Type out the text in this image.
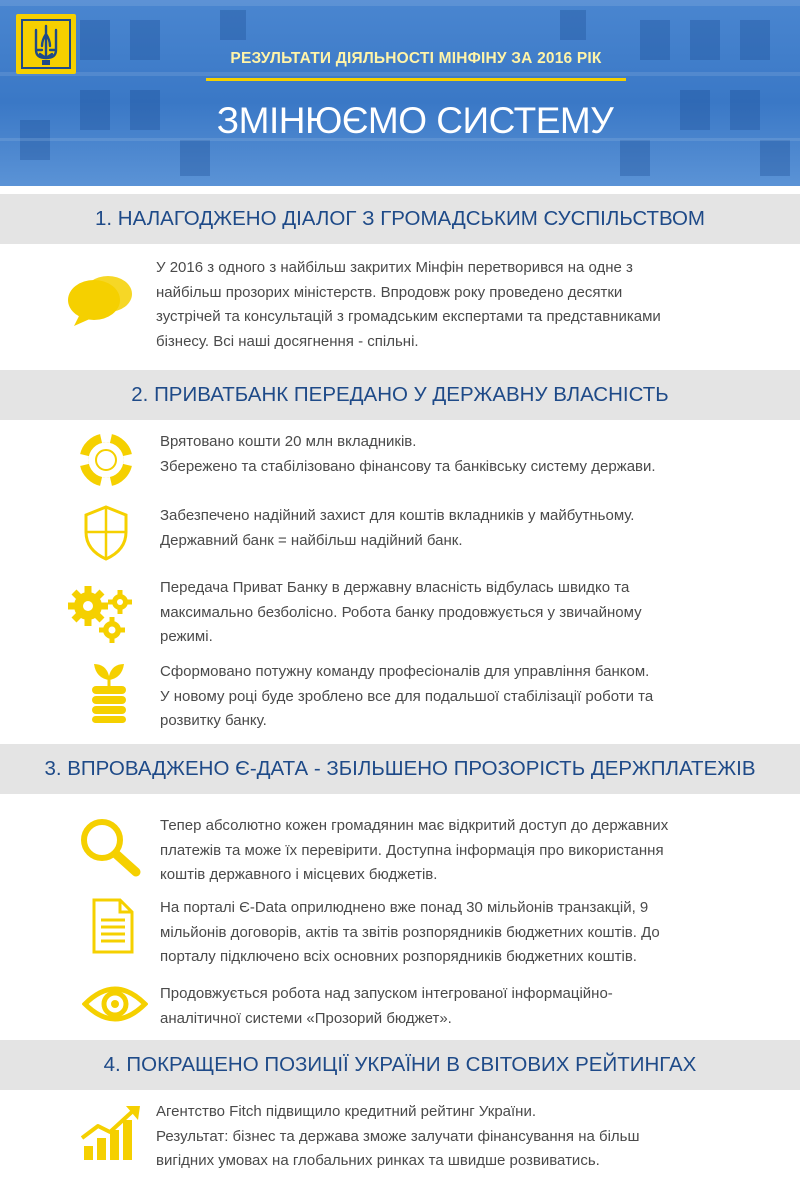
РЕЗУЛЬТАТИ ДІЯЛЬНОСТІ МІНФІНУ ЗА 2016 РІК
ЗМІНЮЄМО СИСТЕМУ
1. НАЛАГОДЖЕНО ДІАЛОГ З ГРОМАДСЬКИМ СУСПІЛЬСТВОМ

У 2016 з одного з найбільш закритих Мінфін перетворився на одне з

найбільш прозорих міністерств. Впродовж року проведено десятки

зустрічей та консультацій з громадським експертами та представниками

бізнесу. Всі наші досягнення - спільні.

2. ПРИВАТБАНК ПЕРЕДАНО У ДЕРЖАВНУ ВЛАСНІСТЬ

Врятовано кошти 20 млн вкладників.

Збережено та стабілізовано фінансову та банківську систему держави.

Забезпечено надійний захист для коштів вкладників у майбутньому.

Державний банк = найбільш надійний банк.

Передача Приват Банку в державну власність відбулась швидко та

максимально безболісно. Робота банку продовжується у звичайному

режимі.

Сформовано потужну команду професіоналів для управління банком.

У новому році буде зроблено все для подальшої стабілізації роботи та

розвитку банку.

3. ВПРОВАДЖЕНО Є-ДАТА - ЗБІЛЬШЕНО ПРОЗОРІСТЬ ДЕРЖПЛАТЕЖІВ

Тепер абсолютно кожен громадянин має відкритий доступ до державних

платежів та може їх перевірити. Доступна інформація про використання

коштів державного і місцевих бюджетів.

На порталі Є-Data оприлюднено вже понад 30 мільйонів транзакцій, 9

мільйонів договорів, актів та звітів розпорядників бюджетних коштів. До

порталу підключено всіх основних розпорядників бюджетних коштів.

Продовжується робота над запуском інтегрованої інформаційно-

аналітичної системи «Прозорий бюджет».

4. ПОКРАЩЕНО ПОЗИЦІЇ УКРАЇНИ В СВІТОВИХ РЕЙТИНГАХ

Агентство Fitch підвищило кредитний рейтинг України.

Результат: бізнес та держава зможе залучати фінансування на більш

вигідних умовах на глобальних ринках та швидше розвиватись.
